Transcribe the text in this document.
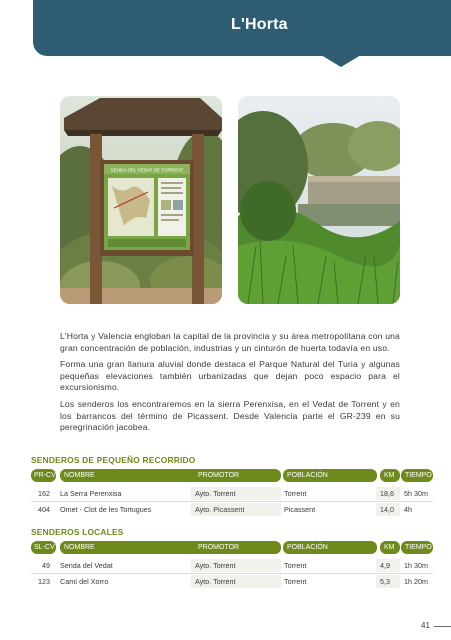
L'Horta
SENDA DEL VEDAT DE TORRENT

L'Horta y Valencia engloban la capital de la provincia y su área metropolitana con una gran concentración de población, industrias y un cinturón de huerta todavía en uso.

Forma una gran llanura aluvial donde destaca el Parque Natural del Turia y algunas pequeñas elevaciones también urbanizadas que dejan poco espacio para el excursionismo.

Los senderos los encontraremos en la sierra Perenxisa, en el Vedat de Torrent y en los barrancos del término de Picassent. Desde Valencia parte el GR-239 en su peregrinación jacobea.

SENDEROS DE PEQUEÑO RECORRIDO
PR-CV	NOMBRE	PROMOTOR	POBLACIÓN	KM	TIEMPO
162 La Serra Perenxisa	Ayto. Torrent	Torrent	18,6	5h 30m
404 Omet - Clot de les Tortugues	Ayto. Picassent	Picassent	14,0	4h
SENDEROS LOCALES
SL-CV	NOMBRE	PROMOTOR	POBLACIÓN	KM	TIEMPO
49 Senda del Vedat	Ayto. Torrent	Torrent	4,9	1h 30m
123 Camí del Xorro	Ayto. Torrent	Torrent	5,3	1h 20m
41
